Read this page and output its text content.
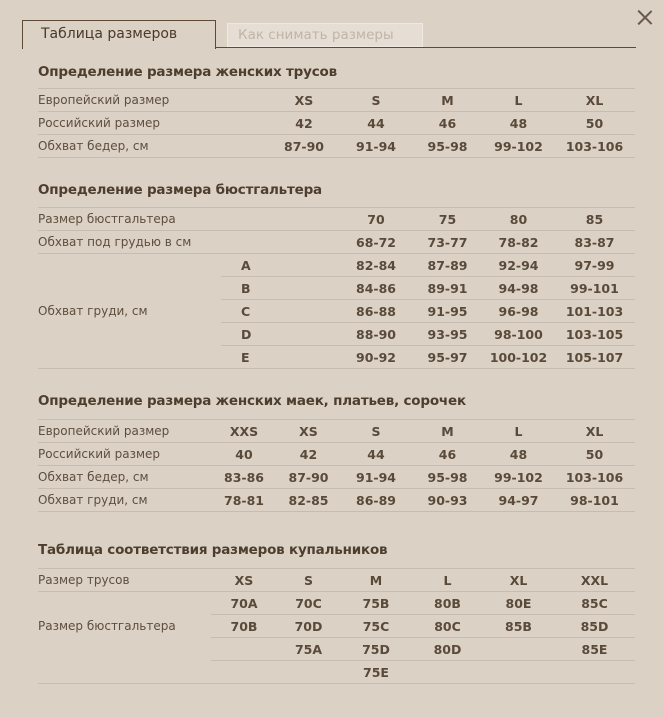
Таблица размеров	Как снимать размеры
Определение размера женских трусов
Европейский размер	XS	S	M	L	XL
Российский размер	42	44	46	48	50
Обхват бедер, см	87-90	91-94	95-98	99-102	103-106
Определение размера бюстгальтера
Размер бюстгальтера		70	75	80	85
Обхват под грудью в см		68-72	73-77	78-82	83-87
Обхват груди, см	A	82-84	87-89	92-94	97-99
	B	84-86	89-91	94-98	99-101
	C	86-88	91-95	96-98	101-103
	D	88-90	93-95	98-100	103-105
	E	90-92	95-97	100-102	105-107
Определение размера женских маек, платьев, сорочек
Европейский размер	XXS	XS	S	M	L	XL
Российский размер	40	42	44	46	48	50
Обхват бедер, см	83-86	87-90	91-94	95-98	99-102	103-106
Обхват груди, см	78-81	82-85	86-89	90-93	94-97	98-101
Таблица соответствия размеров купальников
Размер трусов	XS	S	M	L	XL	XXL
Размер бюстгальтера	70A	70C	75B	80B	80E	85C
	70B	70D	75C	80C	85B	85D
		75A	75D	80D		85E
			75E			
